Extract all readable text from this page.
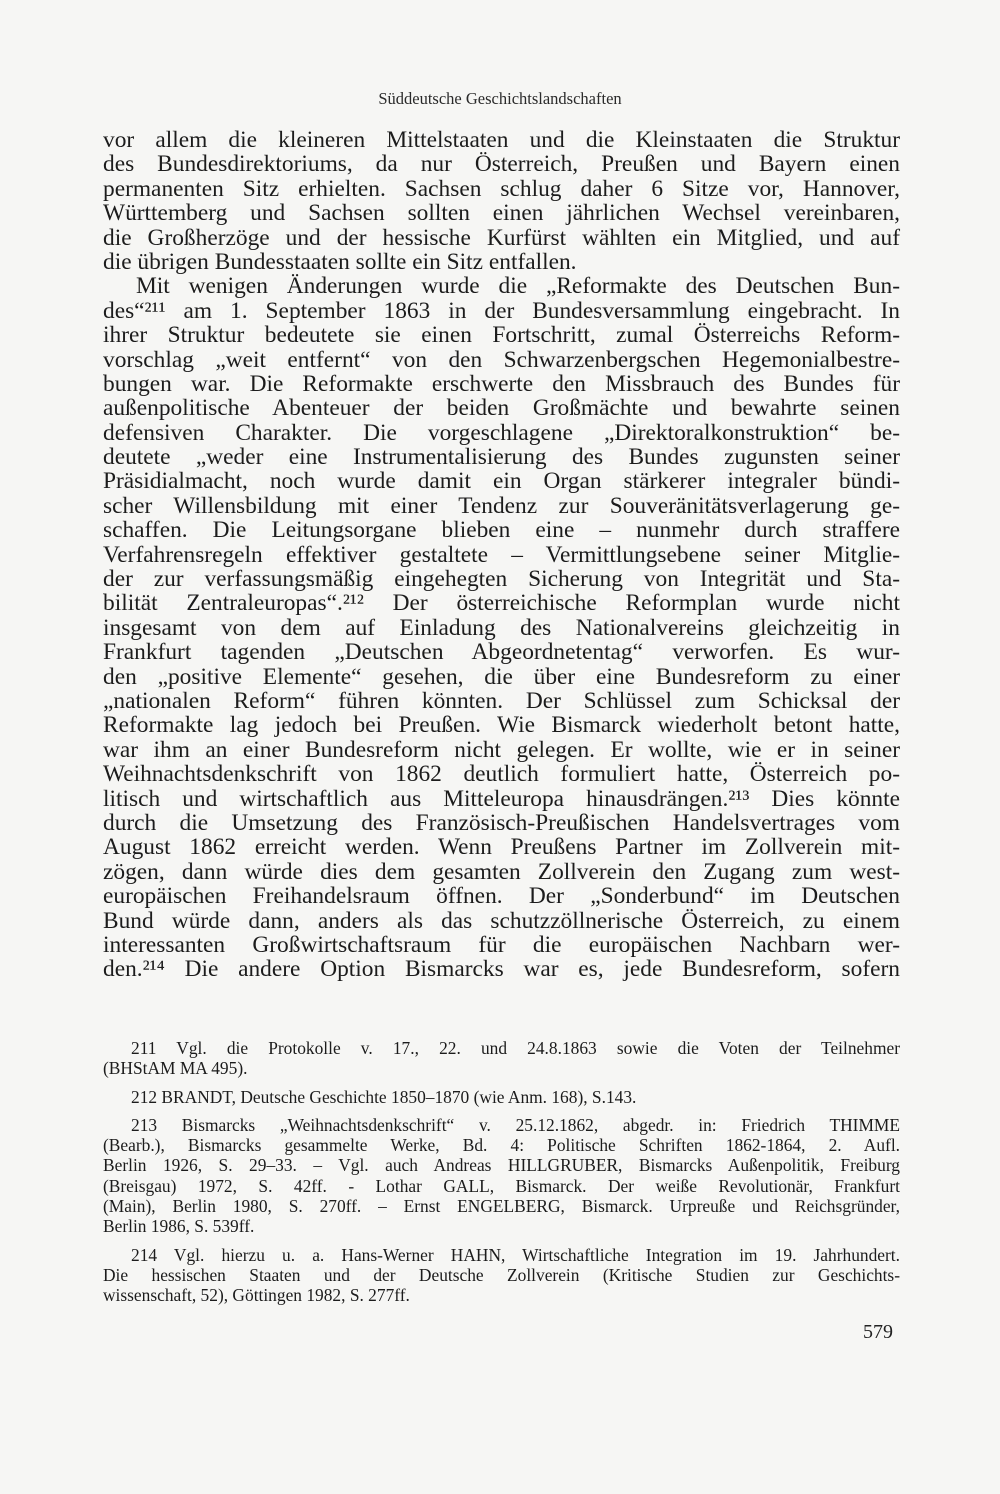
Süddeutsche Geschichtslandschaften

vor allem die kleineren Mittelstaaten und die Kleinstaaten die Struktur
des Bundesdirektoriums, da nur Österreich, Preußen und Bayern einen
permanenten Sitz erhielten. Sachsen schlug daher 6 Sitze vor, Hannover,
Württemberg und Sachsen sollten einen jährlichen Wechsel vereinbaren,
die Großherzöge und der hessische Kurfürst wählten ein Mitglied, und auf
die übrigen Bundesstaaten sollte ein Sitz entfallen.
Mit wenigen Änderungen wurde die „Reformakte des Deutschen Bun-
des“²¹¹ am 1. September 1863 in der Bundesversammlung eingebracht. In
ihrer Struktur bedeutete sie einen Fortschritt, zumal Österreichs Reform-
vorschlag „weit entfernt“ von den Schwarzenbergschen Hegemonialbestre-
bungen war. Die Reformakte erschwerte den Missbrauch des Bundes für
außenpolitische Abenteuer der beiden Großmächte und bewahrte seinen
defensiven Charakter. Die vorgeschlagene „Direktoralkonstruktion“ be-
deutete „weder eine Instrumentalisierung des Bundes zugunsten seiner
Präsidialmacht, noch wurde damit ein Organ stärkerer integraler bündi-
scher Willensbildung mit einer Tendenz zur Souveränitätsverlagerung ge-
schaffen. Die Leitungsorgane blieben eine – nunmehr durch straffere
Verfahrensregeln effektiver gestaltete – Vermittlungsebene seiner Mitglie-
der zur verfassungsmäßig eingehegten Sicherung von Integrität und Sta-
bilität Zentraleuropas“.²¹² Der österreichische Reformplan wurde nicht
insgesamt von dem auf Einladung des Nationalvereins gleichzeitig in
Frankfurt tagenden „Deutschen Abgeordnetentag“ verworfen. Es wur-
den „positive Elemente“ gesehen, die über eine Bundesreform zu einer
„nationalen Reform“ führen könnten. Der Schlüssel zum Schicksal der
Reformakte lag jedoch bei Preußen. Wie Bismarck wiederholt betont hatte,
war ihm an einer Bundesreform nicht gelegen. Er wollte, wie er in seiner
Weihnachtsdenkschrift von 1862 deutlich formuliert hatte, Österreich po-
litisch und wirtschaftlich aus Mitteleuropa hinausdrängen.²¹³ Dies könnte
durch die Umsetzung des Französisch-Preußischen Handelsvertrages vom
August 1862 erreicht werden. Wenn Preußens Partner im Zollverein mit-
zögen, dann würde dies dem gesamten Zollverein den Zugang zum west-
europäischen Freihandelsraum öffnen. Der „Sonderbund“ im Deutschen
Bund würde dann, anders als das schutzzöllnerische Österreich, zu einem
interessanten Großwirtschaftsraum für die europäischen Nachbarn wer-
den.²¹⁴ Die andere Option Bismarcks war es, jede Bundesreform, sofern
211 Vgl. die Protokolle v. 17., 22. und 24.8.1863 sowie die Voten der Teilnehmer
(BHStAM MA 495).
212 BRANDT, Deutsche Geschichte 1850–1870 (wie Anm. 168), S.143.
213 Bismarcks „Weihnachtsdenkschrift“ v. 25.12.1862, abgedr. in: Friedrich THIMME
(Bearb.), Bismarcks gesammelte Werke, Bd. 4: Politische Schriften 1862-1864, 2. Aufl.
Berlin 1926, S. 29–33. – Vgl. auch Andreas HILLGRUBER, Bismarcks Außenpolitik, Freiburg
(Breisgau) 1972, S. 42ff. - Lothar GALL, Bismarck. Der weiße Revolutionär, Frankfurt
(Main), Berlin 1980, S. 270ff. – Ernst ENGELBERG, Bismarck. Urpreuße und Reichsgründer,
Berlin 1986, S. 539ff.
214 Vgl. hierzu u. a. Hans-Werner HAHN, Wirtschaftliche Integration im 19. Jahrhundert.
Die hessischen Staaten und der Deutsche Zollverein (Kritische Studien zur Geschichts-
wissenschaft, 52), Göttingen 1982, S. 277ff.

579
